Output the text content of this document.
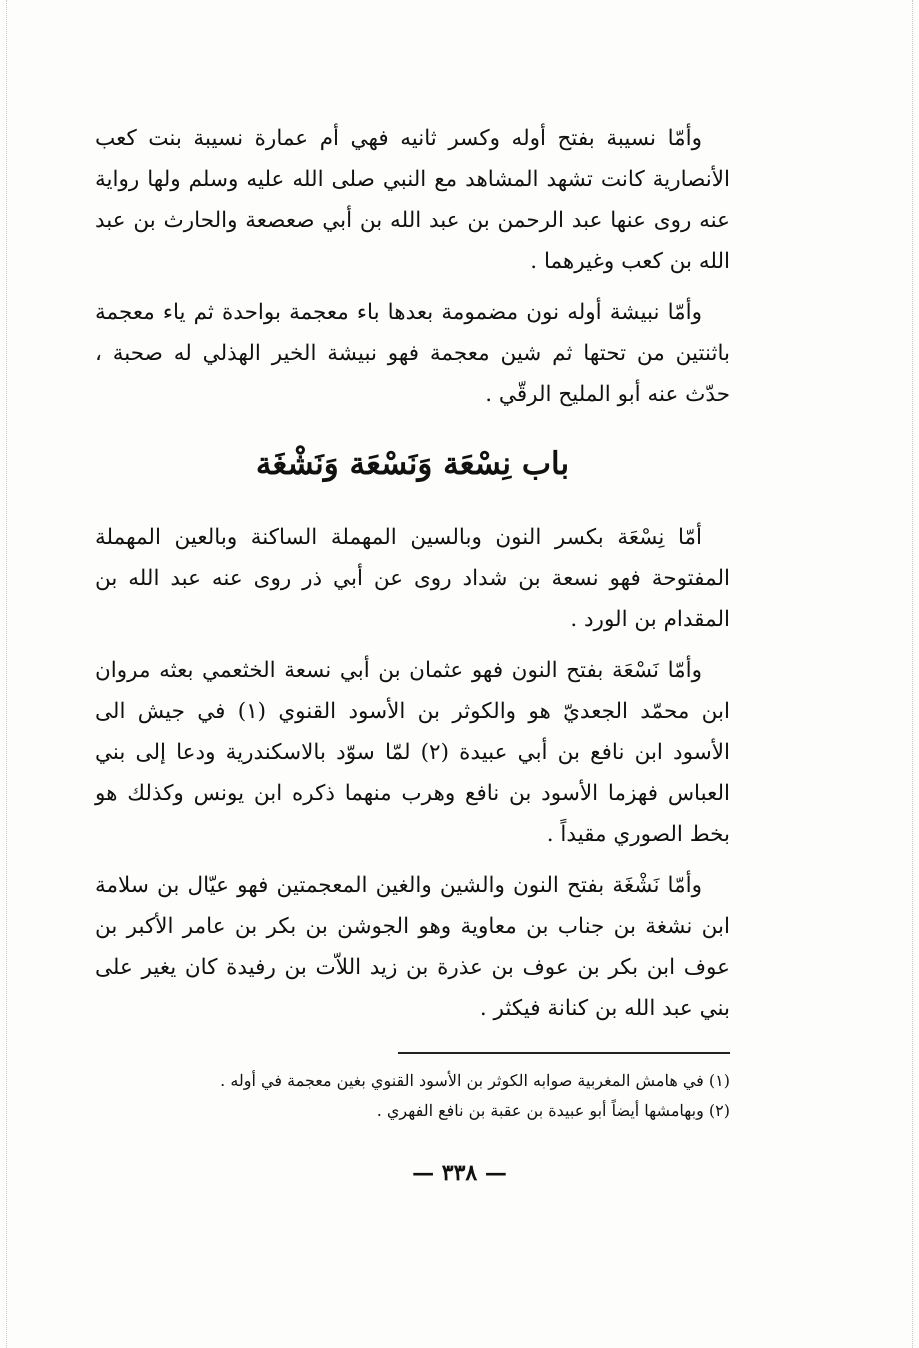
وأمّا نسيبة بفتح أوله وكسر ثانيه فهي أم عمارة نسيبة بنت كعب الأنصارية كانت تشهد المشاهد مع النبي صلى الله عليه وسلم ولها رواية عنه روى عنها عبد الرحمن بن عبد الله بن أبي صعصعة والحارث بن عبد الله بن كعب وغيرهما .

وأمّا نبيشة أوله نون مضمومة بعدها باء معجمة بواحدة ثم ياء معجمة باثنتين من تحتها ثم شين معجمة فهو نبيشة الخير الهذلي له صحبة ، حدّث عنه أبو المليح الرقّي .

باب نِسْعَة وَنَسْعَة وَنَشْغَة

أمّا نِسْعَة بكسر النون وبالسين المهملة الساكنة وبالعين المهملة المفتوحة فهو نسعة بن شداد روى عن أبي ذر روى عنه عبد الله بن المقدام بن الورد .

وأمّا نَسْعَة بفتح النون فهو عثمان بن أبي نسعة الخثعمي بعثه مروان ابن محمّد الجعديّ هو والكوثر بن الأسود القنوي (١) في جيش الى الأسود ابن نافع بن أبي عبيدة (٢) لمّا سوّد بالاسكندرية ودعا إلى بني العباس فهزما الأسود بن نافع وهرب منهما ذكره ابن يونس وكذلك هو بخط الصوري مقيداً .

وأمّا نَشْغَة بفتح النون والشين والغين المعجمتين فهو عيّال بن سلامة ابن نشغة بن جناب بن معاوية وهو الجوشن بن بكر بن عامر الأكبر بن عوف ابن بكر بن عوف بن عذرة بن زيد اللاّت بن رفيدة كان يغير على بني عبد الله بن كنانة فيكثر .

(١) في هامش المغربية صوابه الكوثر بن الأسود القنوي بغين معجمة في أوله .

(٢) وبهامشها أيضاً أبو عبيدة بن عقبة بن نافع الفهري .

— ٣٣٨ —
